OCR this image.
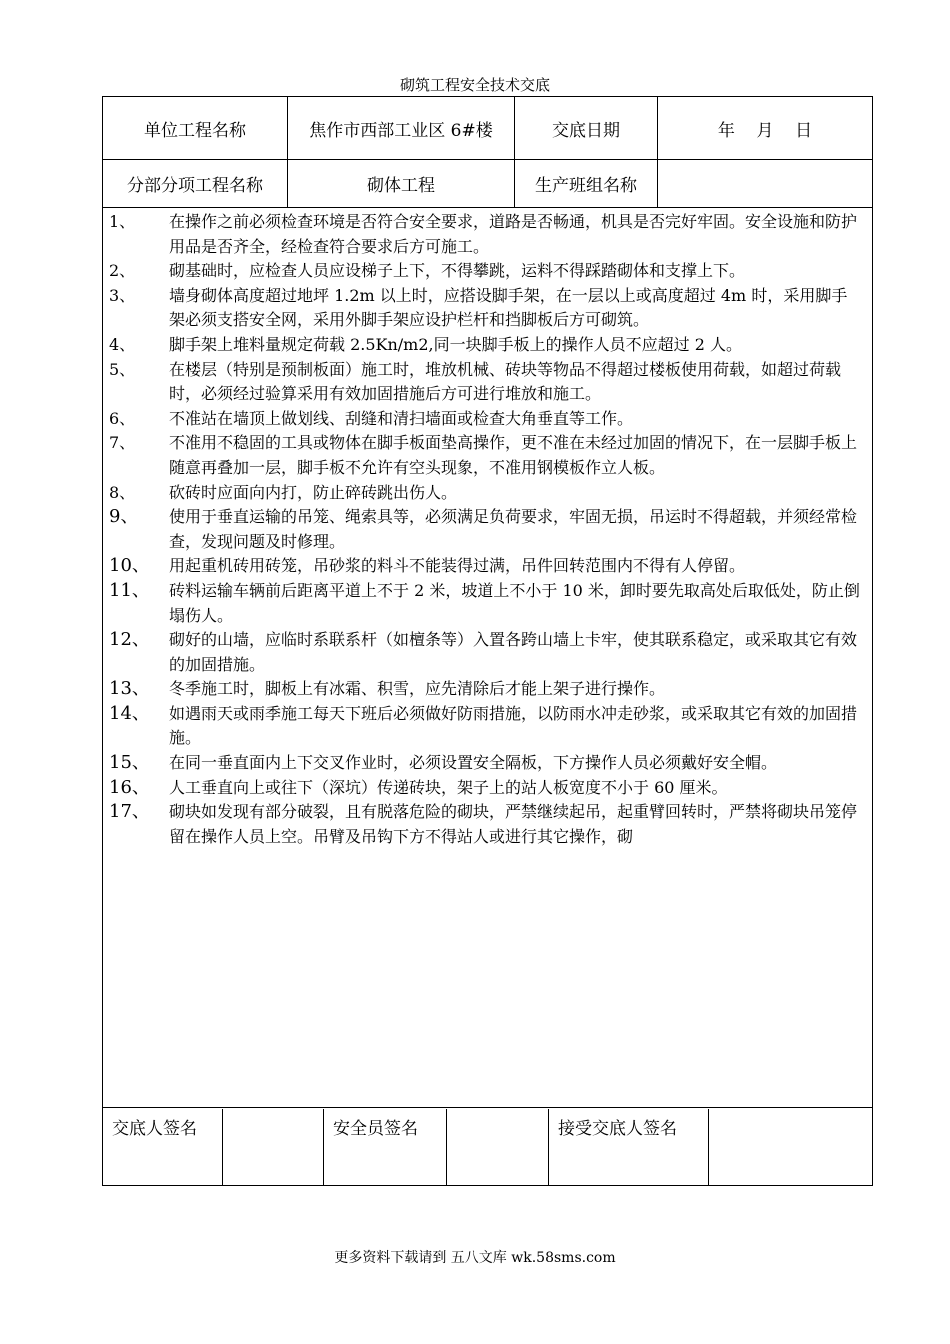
砌筑工程安全技术交底
单位工程名称	焦作市西部工业区 6#楼	交底日期	年    月    日
分部分项工程名称	砌体工程	生产班组名称
1、	在操作之前必须检查环境是否符合安全要求，道路是否畅通，机具是否完好牢固。安全设施和防护用品是否齐全，经检查符合要求后方可施工。
2、	砌基础时，应检查人员应设梯子上下，不得攀跳，运料不得踩踏砌体和支撑上下。
3、	墙身砌体高度超过地坪 1.2m 以上时，应搭设脚手架，在一层以上或高度超过 4m 时，采用脚手架必须支搭安全网，采用外脚手架应设护栏杆和挡脚板后方可砌筑。
4、	脚手架上堆料量规定荷载 2.5Kn/m2,同一块脚手板上的操作人员不应超过 2 人。
5、	在楼层（特别是预制板面）施工时，堆放机械、砖块等物品不得超过楼板使用荷载，如超过荷载时，必须经过验算采用有效加固措施后方可进行堆放和施工。
6、	不准站在墙顶上做划线、刮缝和清扫墙面或检查大角垂直等工作。
7、	不准用不稳固的工具或物体在脚手板面垫高操作，更不准在未经过加固的情况下，在一层脚手板上随意再叠加一层，脚手板不允许有空头现象，不准用钢模板作立人板。
8、	砍砖时应面向内打，防止碎砖跳出伤人。
9、	使用于垂直运输的吊笼、绳索具等，必须满足负荷要求，牢固无损，吊运时不得超载，并须经常检查，发现问题及时修理。
10、	用起重机砖用砖笼，吊砂浆的料斗不能装得过满，吊件回转范围内不得有人停留。
11、	砖料运输车辆前后距离平道上不于 2 米，坡道上不小于 10 米，卸时要先取高处后取低处，防止倒塌伤人。
12、	砌好的山墙，应临时系联系杆（如檀条等）入置各跨山墙上卡牢，使其联系稳定，或采取其它有效的加固措施。
13、	冬季施工时，脚板上有冰霜、积雪，应先清除后才能上架子进行操作。
14、	如遇雨天或雨季施工每天下班后必须做好防雨措施，以防雨水冲走砂浆，或采取其它有效的加固措施。
15、	在同一垂直面内上下交叉作业时，必须设置安全隔板，下方操作人员必须戴好安全帽。
16、	人工垂直向上或往下（深坑）传递砖块，架子上的站人板宽度不小于 60 厘米。
17、	砌块如发现有部分破裂，且有脱落危险的砌块，严禁继续起吊，起重臂回转时，严禁将砌块吊笼停留在操作人员上空。吊臂及吊钩下方不得站人或进行其它操作，砌
交底人签名	安全员签名	接受交底人签名
更多资料下载请到 五八文库 wk.58sms.com
